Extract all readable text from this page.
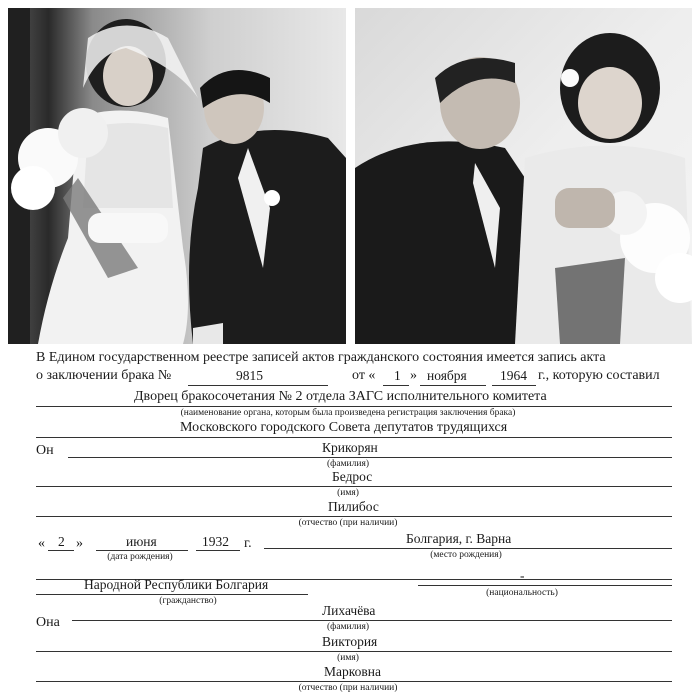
В Едином государственном реестре записей актов гражданского состояния имеется запись акта
о заключении брака №	9815	от « 1 » ноября 1964 г., которую составил
Дворец бракосочетания № 2 отдела ЗАГС исполнительного комитета
(наименование органа, которым была произведена регистрация заключения брака)
Московского городского Совета депутатов трудящихся
Он	Крикорян
(фамилия)
Бедрос
(имя)
Пилибос
(отчество (при наличии)
« 2 »	июня	1932 г.
(дата рождения)
Болгария, г. Варна
(место рождения)
Народной Республики Болгария
(гражданство)
-
(национальность)
Она
Лихачёва
(фамилия)
Виктория
(имя)
Марковна
(отчество (при наличии)
